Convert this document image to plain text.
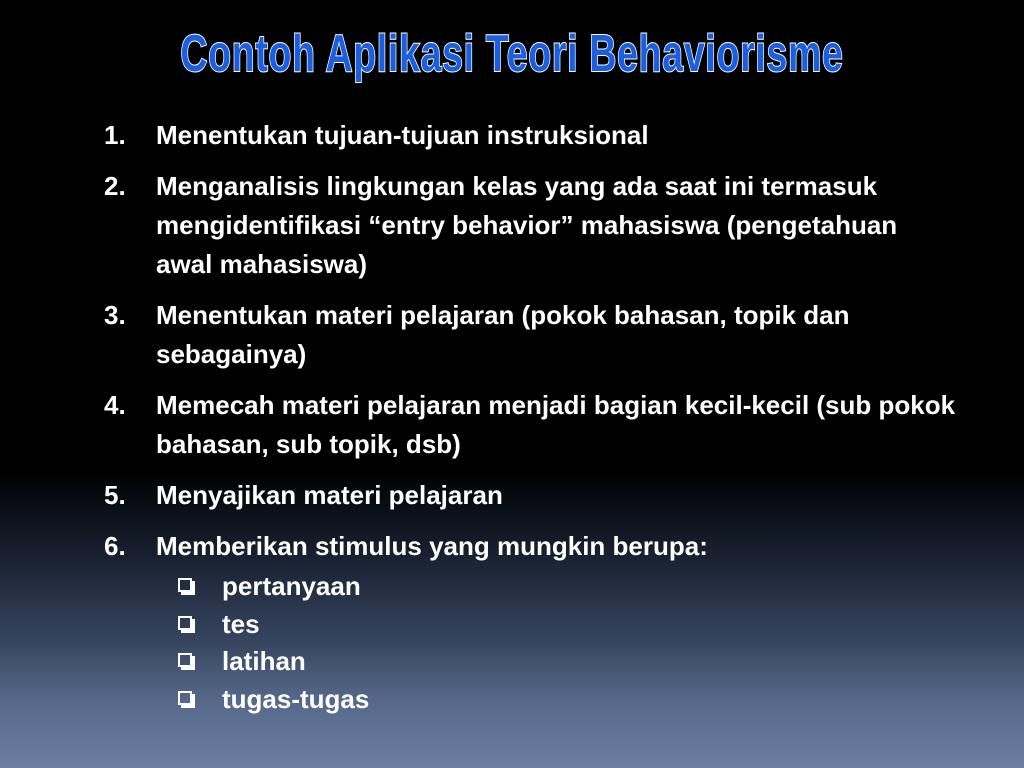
Contoh Aplikasi Teori Behaviorisme
1. Menentukan tujuan-tujuan instruksional
2. Menganalisis lingkungan kelas yang ada saat ini termasuk mengidentifikasi “entry behavior” mahasiswa (pengetahuan awal mahasiswa)
3. Menentukan materi pelajaran (pokok bahasan, topik dan sebagainya)
4. Memecah materi pelajaran menjadi bagian kecil-kecil (sub pokok bahasan, sub topik, dsb)
5. Menyajikan materi pelajaran
6. Memberikan stimulus yang mungkin berupa:
pertanyaan
tes
latihan
tugas-tugas
